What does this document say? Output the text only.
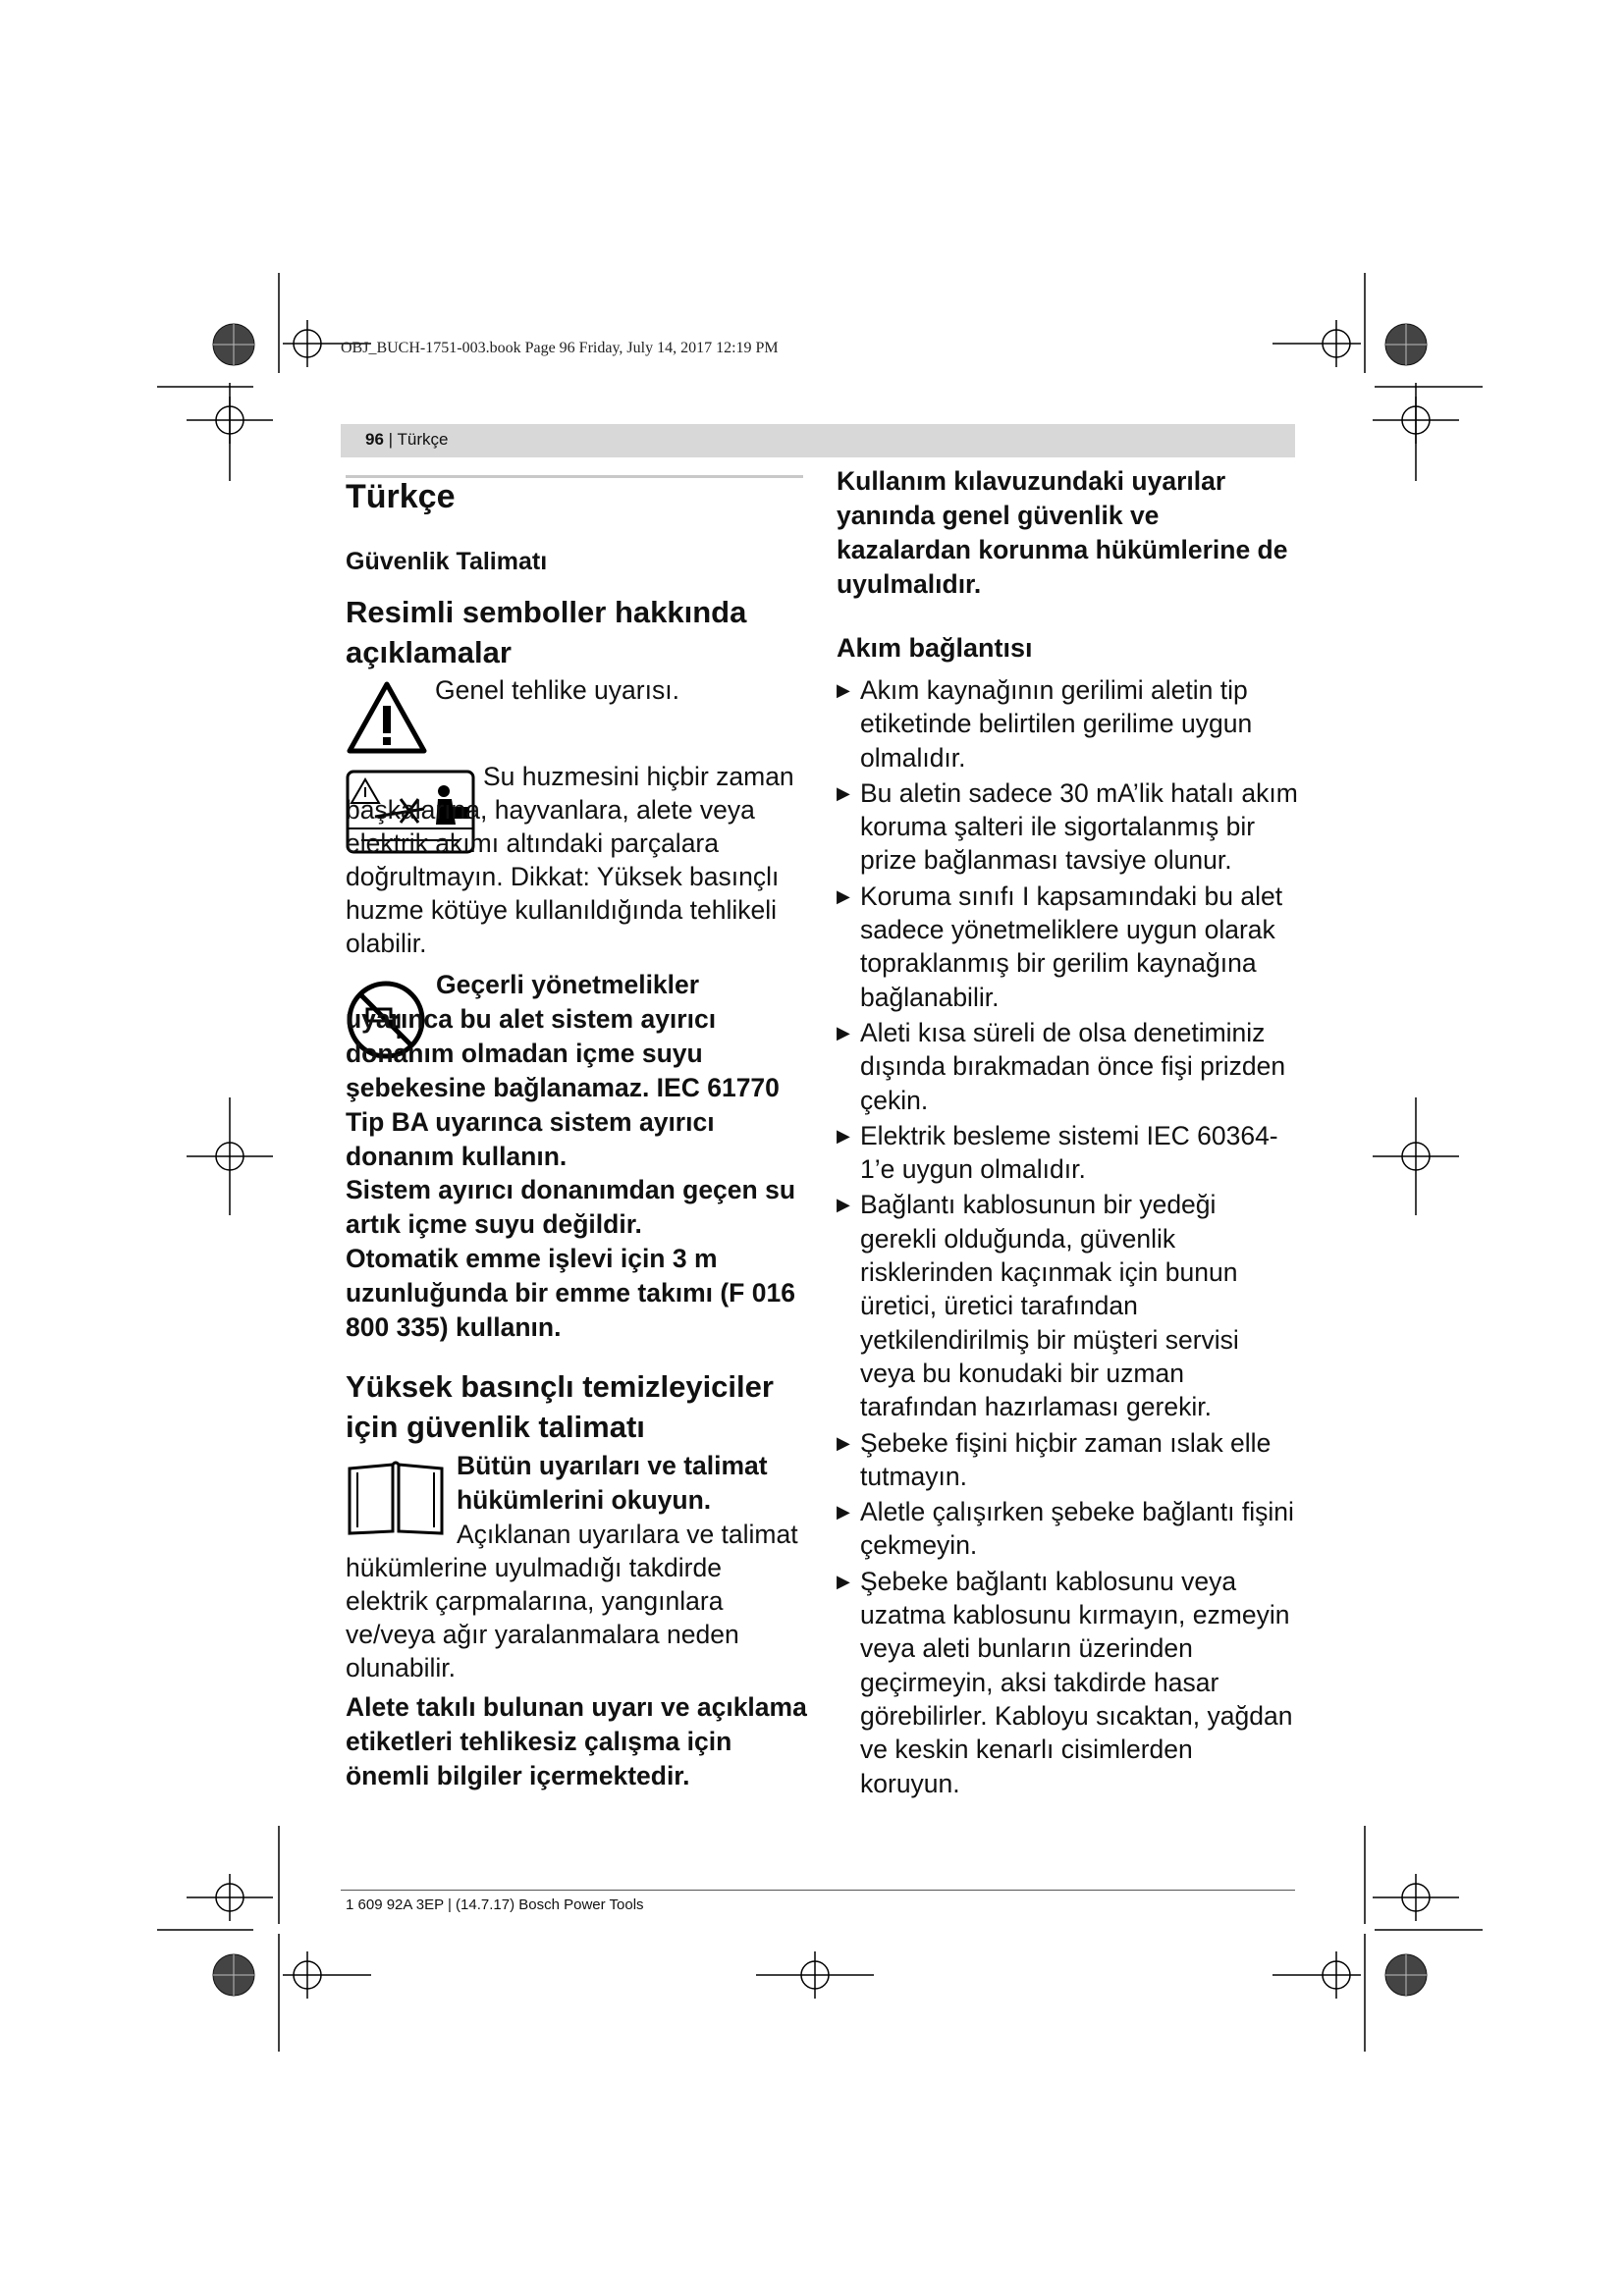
OBJ_BUCH-1751-003.book Page 96 Friday, July 14, 2017 12:19 PM
96 | Türkçe
Türkçe
Güvenlik Talimatı
Resimli semboller hakkında açıklamalar
Genel tehlike uyarısı.
Su huzmesini hiçbir zaman başkalarına, hayvanlara, alete veya elektrik akımı altındaki parçalara doğrultmayın. Dikkat: Yüksek basınçlı huzme kötüye kullanıldığında tehlikeli olabilir.
Geçerli yönetmelikler uyarınca bu alet sistem ayırıcı donanım olmadan içme suyu şebekesine bağlanamaz. IEC 61770 Tip BA uyarınca sistem ayırıcı donanım kullanın.
Sistem ayırıcı donanımdan geçen su artık içme suyu değildir.
Otomatik emme işlevi için 3 m uzunluğunda bir emme takımı (F 016 800 335) kullanın.
Yüksek basınçlı temizleyiciler için güvenlik talimatı
Bütün uyarıları ve talimat hükümlerini okuyun.
Açıklanan uyarılara ve talimat hükümlerine uyulmadığı takdirde elektrik çarpmalarına, yangınlara ve/veya ağır yaralanmalara neden olunabilir.
Alete takılı bulunan uyarı ve açıklama etiketleri tehlikesiz çalışma için önemli bilgiler içermektedir.
Kullanım kılavuzundaki uyarılar yanında genel güvenlik ve kazalardan korunma hükümlerine de uyulmalıdır.
Akım bağlantısı
▶ Akım kaynağının gerilimi aletin tip etiketinde belirtilen gerilime uygun olmalıdır.
▶ Bu aletin sadece 30 mA’lik hatalı akım koruma şalteri ile sigortalanmış bir prize bağlanması tavsiye olunur.
▶ Koruma sınıfı I kapsamındaki bu alet sadece yönetmeliklere uygun olarak topraklanmış bir gerilim kaynağına bağlanabilir.
▶ Aleti kısa süreli de olsa denetiminiz dışında bırakmadan önce fişi prizden çekin.
▶ Elektrik besleme sistemi IEC 60364-1’e uygun olmalıdır.
▶ Bağlantı kablosunun bir yedeği gerekli olduğunda, güvenlik risklerinden kaçınmak için bunun üretici, üretici tarafından yetkilendirilmiş bir müşteri servisi veya bu konudaki bir uzman tarafından hazırlaması gerekir.
▶ Şebeke fişini hiçbir zaman ıslak elle tutmayın.
▶ Aletle çalışırken şebeke bağlantı fişini çekmeyin.
▶ Şebeke bağlantı kablosunu veya uzatma kablosunu kırmayın, ezmeyin veya aleti bunların üzerinden geçirmeyin, aksi takdirde hasar görebilirler. Kabloyu sıcaktan, yağdan ve keskin kenarlı cisimlerden koruyun.
1 609 92A 3EP | (14.7.17) Bosch Power Tools
